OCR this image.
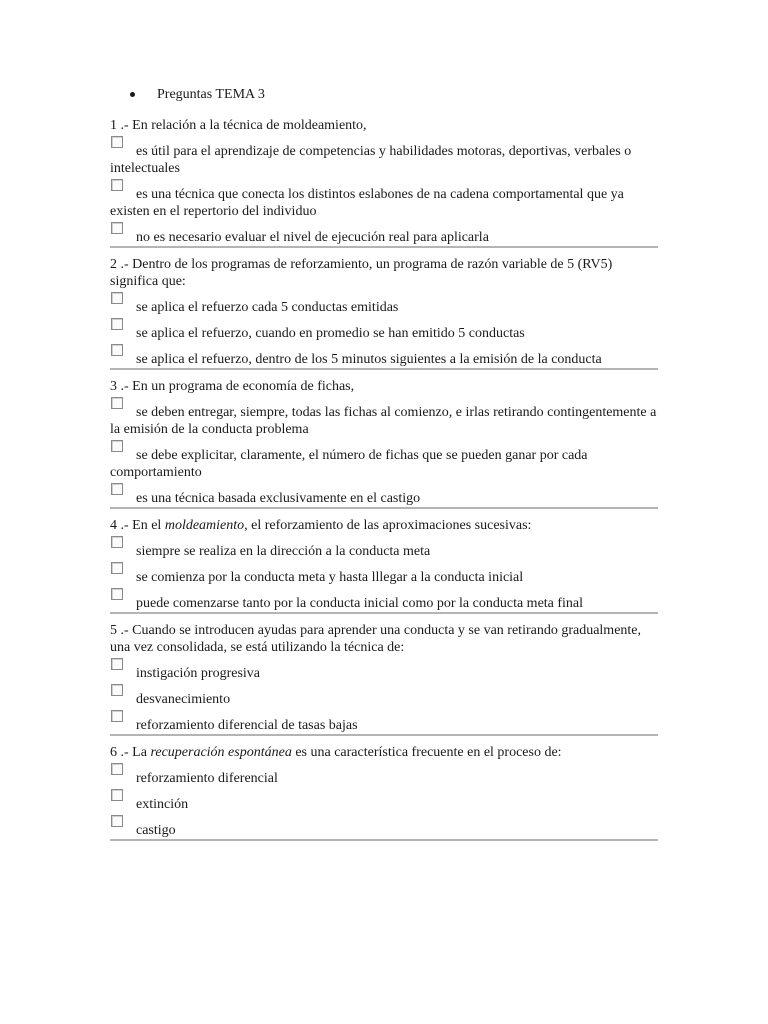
Preguntas TEMA 3
1 .- En relación a la técnica de moldeamiento,
es útil para el aprendizaje de competencias y habilidades motoras, deportivas, verbales o intelectuales
es una técnica que conecta los distintos eslabones de na cadena comportamental que ya existen en el repertorio del individuo
no es necesario evaluar el nivel de ejecución real para aplicarla
2 .- Dentro de los programas de reforzamiento, un programa de razón variable de 5 (RV5) significa que:
se aplica el refuerzo cada 5 conductas emitidas
se aplica el refuerzo, cuando en promedio se han emitido 5 conductas
se aplica el refuerzo, dentro de los 5 minutos siguientes a la emisión de la conducta
3 .- En un programa de economía de fichas,
se deben entregar, siempre, todas las fichas al comienzo, e irlas retirando contingentemente a la emisión de la conducta problema
se debe explicitar, claramente, el número de fichas que se pueden ganar por cada comportamiento
es una técnica basada exclusivamente en el castigo
4 .- En el moldeamiento, el reforzamiento de las aproximaciones sucesivas:
siempre se realiza en la dirección a la conducta meta
se comienza por la conducta meta y hasta lllegar a la conducta inicial
puede comenzarse tanto por la conducta inicial como por la conducta meta final
5 .- Cuando se introducen ayudas para aprender una conducta y se van retirando gradualmente, una vez consolidada, se está utilizando la técnica de:
instigación progresiva
desvanecimiento
reforzamiento diferencial de tasas bajas
6 .- La recuperación espontánea es una característica frecuente en el proceso de:
reforzamiento diferencial
extinción
castigo
